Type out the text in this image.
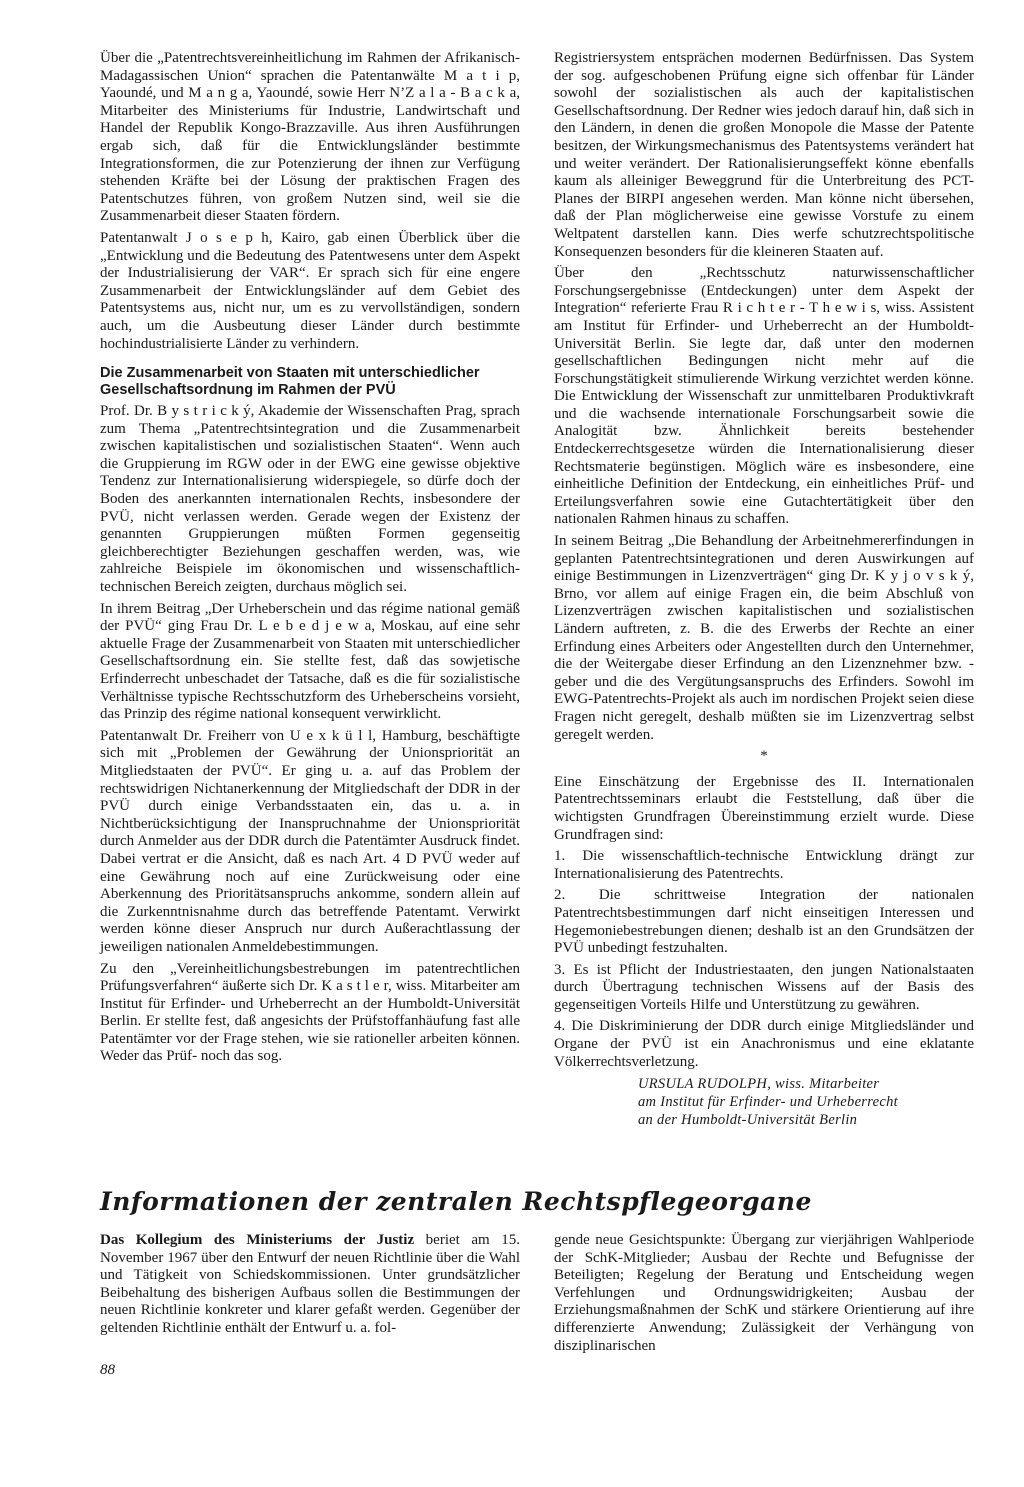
Über die „Patentrechtsvereinheitlichung im Rahmen der Afrikanisch-Madagassischen Union“ sprachen die Patentanwälte M a t i p, Yaoundé, und M a n g a, Yaoundé, sowie Herr N’Z a l a - B a c k a, Mitarbeiter des Ministeriums für Industrie, Landwirtschaft und Handel der Republik Kongo-Brazzaville. Aus ihren Ausführungen ergab sich, daß für die Entwicklungsländer bestimmte Integrationsformen, die zur Potenzierung der ihnen zur Verfügung stehenden Kräfte bei der Lösung der praktischen Fragen des Patentschutzes führen, von großem Nutzen sind, weil sie die Zusammenarbeit dieser Staaten fördern.

Patentanwalt J o s e p h, Kairo, gab einen Überblick über die „Entwicklung und die Bedeutung des Patentwesens unter dem Aspekt der Industrialisierung der VAR“. Er sprach sich für eine engere Zusammenarbeit der Entwicklungsländer auf dem Gebiet des Patentsystems aus, nicht nur, um es zu vervollständigen, sondern auch, um die Ausbeutung dieser Länder durch bestimmte hochindustrialisierte Länder zu verhindern.

Die Zusammenarbeit von Staaten mit unterschiedlicher Gesellschaftsordnung im Rahmen der PVÜ

Prof. Dr. B y s t r i c k ý, Akademie der Wissenschaften Prag, sprach zum Thema „Patentrechtsintegration und die Zusammenarbeit zwischen kapitalistischen und sozialistischen Staaten“. Wenn auch die Gruppierung im RGW oder in der EWG eine gewisse objektive Tendenz zur Internationalisierung widerspiegele, so dürfe doch der Boden des anerkannten internationalen Rechts, insbesondere der PVÜ, nicht verlassen werden. Gerade wegen der Existenz der genannten Gruppierungen müßten Formen gegenseitig gleichberechtigter Beziehungen geschaffen werden, was, wie zahlreiche Beispiele im ökonomischen und wissenschaftlich-technischen Bereich zeigten, durchaus möglich sei.

In ihrem Beitrag „Der Urheberschein und das régime national gemäß der PVÜ“ ging Frau Dr. L e b e d j e w a, Moskau, auf eine sehr aktuelle Frage der Zusammenarbeit von Staaten mit unterschiedlicher Gesellschaftsordnung ein. Sie stellte fest, daß das sowjetische Erfinderrecht unbeschadet der Tatsache, daß es die für sozialistische Verhältnisse typische Rechtsschutzform des Urheberscheins vorsieht, das Prinzip des régime national konsequent verwirklicht.

Patentanwalt Dr. Freiherr von U e x k ü l l, Hamburg, beschäftigte sich mit „Problemen der Gewährung der Unionspriorität an Mitgliedstaaten der PVÜ“. Er ging u. a. auf das Problem der rechtswidrigen Nichtanerkennung der Mitgliedschaft der DDR in der PVÜ durch einige Verbandsstaaten ein, das u. a. in Nichtberücksichtigung der Inanspruchnahme der Unionspriorität durch Anmelder aus der DDR durch die Patentämter Ausdruck findet. Dabei vertrat er die Ansicht, daß es nach Art. 4 D PVÜ weder auf eine Gewährung noch auf eine Zurückweisung oder eine Aberkennung des Prioritätsanspruchs ankomme, sondern allein auf die Zurkenntnisnahme durch das betreffende Patentamt. Verwirkt werden könne dieser Anspruch nur durch Außerachtlassung der jeweiligen nationalen Anmeldebestimmungen.

Zu den „Vereinheitlichungsbestrebungen im patentrechtlichen Prüfungsverfahren“ äußerte sich Dr. K a s t l e r, wiss. Mitarbeiter am Institut für Erfinder- und Urheberrecht an der Humboldt-Universität Berlin. Er stellte fest, daß angesichts der Prüfstoffanhäufung fast alle Patentämter vor der Frage stehen, wie sie rationeller arbeiten können. Weder das Prüf- noch das sog.

Registriersystem entsprächen modernen Bedürfnissen. Das System der sog. aufgeschobenen Prüfung eigne sich offenbar für Länder sowohl der sozialistischen als auch der kapitalistischen Gesellschaftsordnung. Der Redner wies jedoch darauf hin, daß sich in den Ländern, in denen die großen Monopole die Masse der Patente besitzen, der Wirkungsmechanismus des Patentsystems verändert hat und weiter verändert. Der Rationalisierungseffekt könne ebenfalls kaum als alleiniger Beweggrund für die Unterbreitung des PCT-Planes der BIRPI angesehen werden. Man könne nicht übersehen, daß der Plan möglicherweise eine gewisse Vorstufe zu einem Weltpatent darstellen kann. Dies werfe schutzrechtspolitische Konsequenzen besonders für die kleineren Staaten auf.

Über den „Rechtsschutz naturwissenschaftlicher Forschungsergebnisse (Entdeckungen) unter dem Aspekt der Integration“ referierte Frau R i c h t e r - T h e w i s, wiss. Assistent am Institut für Erfinder- und Urheberrecht an der Humboldt-Universität Berlin. Sie legte dar, daß unter den modernen gesellschaftlichen Bedingungen nicht mehr auf die Forschungstätigkeit stimulierende Wirkung verzichtet werden könne. Die Entwicklung der Wissenschaft zur unmittelbaren Produktivkraft und die wachsende internationale Forschungsarbeit sowie die Analogität bzw. Ähnlichkeit bereits bestehender Entdeckerrechtsgesetze würden die Internationalisierung dieser Rechtsmaterie begünstigen. Möglich wäre es insbesondere, eine einheitliche Definition der Entdeckung, ein einheitliches Prüf- und Erteilungsverfahren sowie eine Gutachtertätigkeit über den nationalen Rahmen hinaus zu schaffen.

In seinem Beitrag „Die Behandlung der Arbeitnehmererfindungen in geplanten Patentrechtsintegrationen und deren Auswirkungen auf einige Bestimmungen in Lizenzverträgen“ ging Dr. K y j o v s k ý, Brno, vor allem auf einige Fragen ein, die beim Abschluß von Lizenzverträgen zwischen kapitalistischen und sozialistischen Ländern auftreten, z. B. die des Erwerbs der Rechte an einer Erfindung eines Arbeiters oder Angestellten durch den Unternehmer, die der Weitergabe dieser Erfindung an den Lizenznehmer bzw. -geber und die des Vergütungsanspruchs des Erfinders. Sowohl im EWG-Patentrechts-Projekt als auch im nordischen Projekt seien diese Fragen nicht geregelt, deshalb müßten sie im Lizenzvertrag selbst geregelt werden.

*

Eine Einschätzung der Ergebnisse des II. Internationalen Patentrechtsseminars erlaubt die Feststellung, daß über die wichtigsten Grundfragen Übereinstimmung erzielt wurde. Diese Grundfragen sind:

1. Die wissenschaftlich-technische Entwicklung drängt zur Internationalisierung des Patentrechts.
2. Die schrittweise Integration der nationalen Patentrechtsbestimmungen darf nicht einseitigen Interessen und Hegemoniebestrebungen dienen; deshalb ist an den Grundsätzen der PVÜ unbedingt festzuhalten.
3. Es ist Pflicht der Industriestaaten, den jungen Nationalstaaten durch Übertragung technischen Wissens auf der Basis des gegenseitigen Vorteils Hilfe und Unterstützung zu gewähren.
4. Die Diskriminierung der DDR durch einige Mitgliedsländer und Organe der PVÜ ist ein Anachronismus und eine eklatante Völkerrechtsverletzung.
URSULA RUDOLPH, wiss. Mitarbeiter
am Institut für Erfinder- und Urheberrecht
an der Humboldt-Universität Berlin
Informationen der zentralen Rechtspflegeorgane

Das Kollegium des Ministeriums der Justiz beriet am 15. November 1967 über den Entwurf der neuen Richtlinie über die Wahl und Tätigkeit von Schiedskommissionen. Unter grundsätzlicher Beibehaltung des bisherigen Aufbaus sollen die Bestimmungen der neuen Richtlinie konkreter und klarer gefaßt werden. Gegenüber der geltenden Richtlinie enthält der Entwurf u. a. fol-

gende neue Gesichtspunkte: Übergang zur vierjährigen Wahlperiode der SchK-Mitglieder; Ausbau der Rechte und Befugnisse der Beteiligten; Regelung der Beratung und Entscheidung wegen Verfehlungen und Ordnungswidrigkeiten; Ausbau der Erziehungsmaßnahmen der SchK und stärkere Orientierung auf ihre differenzierte Anwendung; Zulässigkeit der Verhängung von disziplinarischen

88
